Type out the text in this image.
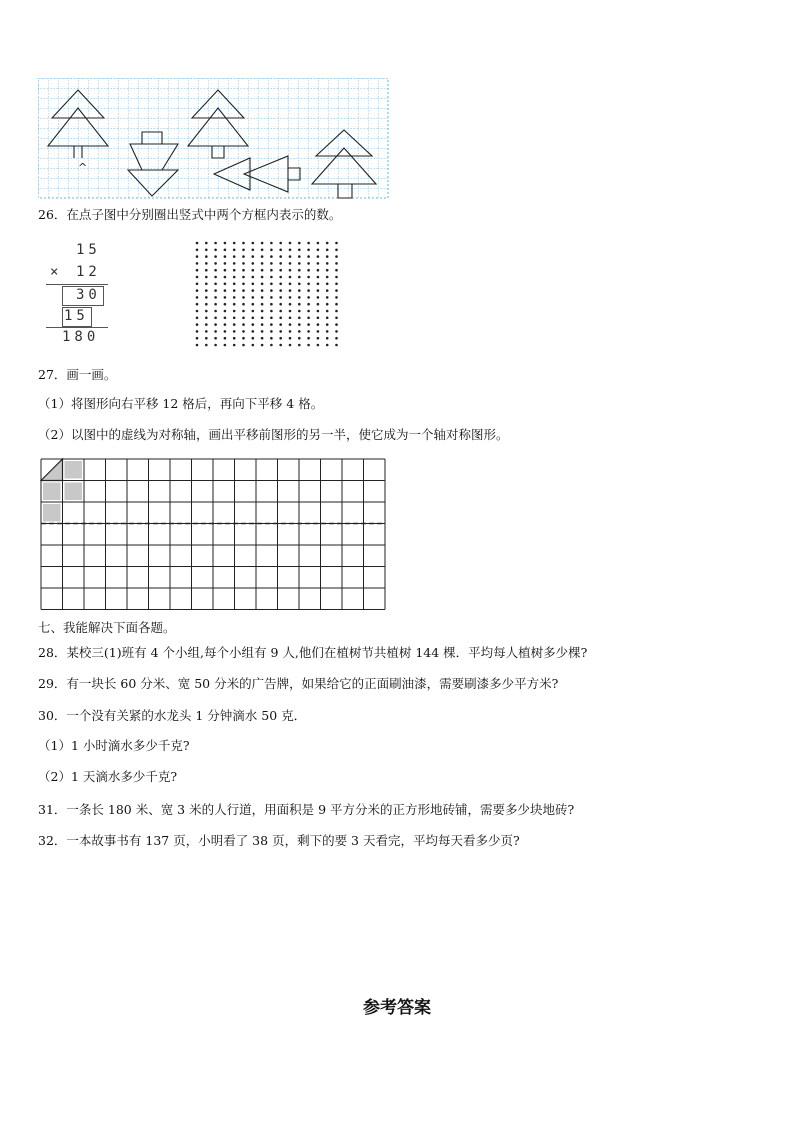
^
26．在点子图中分别圈出竖式中两个方框内表示的数。
15
× 12
30
15
180
27．画一画。
（1）将图形向右平移 12 格后，再向下平移 4 格。
（2）以图中的虚线为对称轴，画出平移前图形的另一半，使它成为一个轴对称图形。
七、我能解决下面各题。
28．某校三(1)班有 4 个小组,每个小组有 9 人,他们在植树节共植树 144 棵．平均每人植树多少棵?
29．有一块长 60 分米、宽 50 分米的广告牌，如果给它的正面刷油漆，需要刷漆多少平方米?
30．一个没有关紧的水龙头 1 分钟滴水 50 克．
（1）1 小时滴水多少千克?
（2）1 天滴水多少千克?
31．一条长 180 米、宽 3 米的人行道，用面积是 9 平方分米的正方形地砖铺，需要多少块地砖?
32．一本故事书有 137 页，小明看了 38 页，剩下的要 3 天看完，平均每天看多少页?
参考答案
